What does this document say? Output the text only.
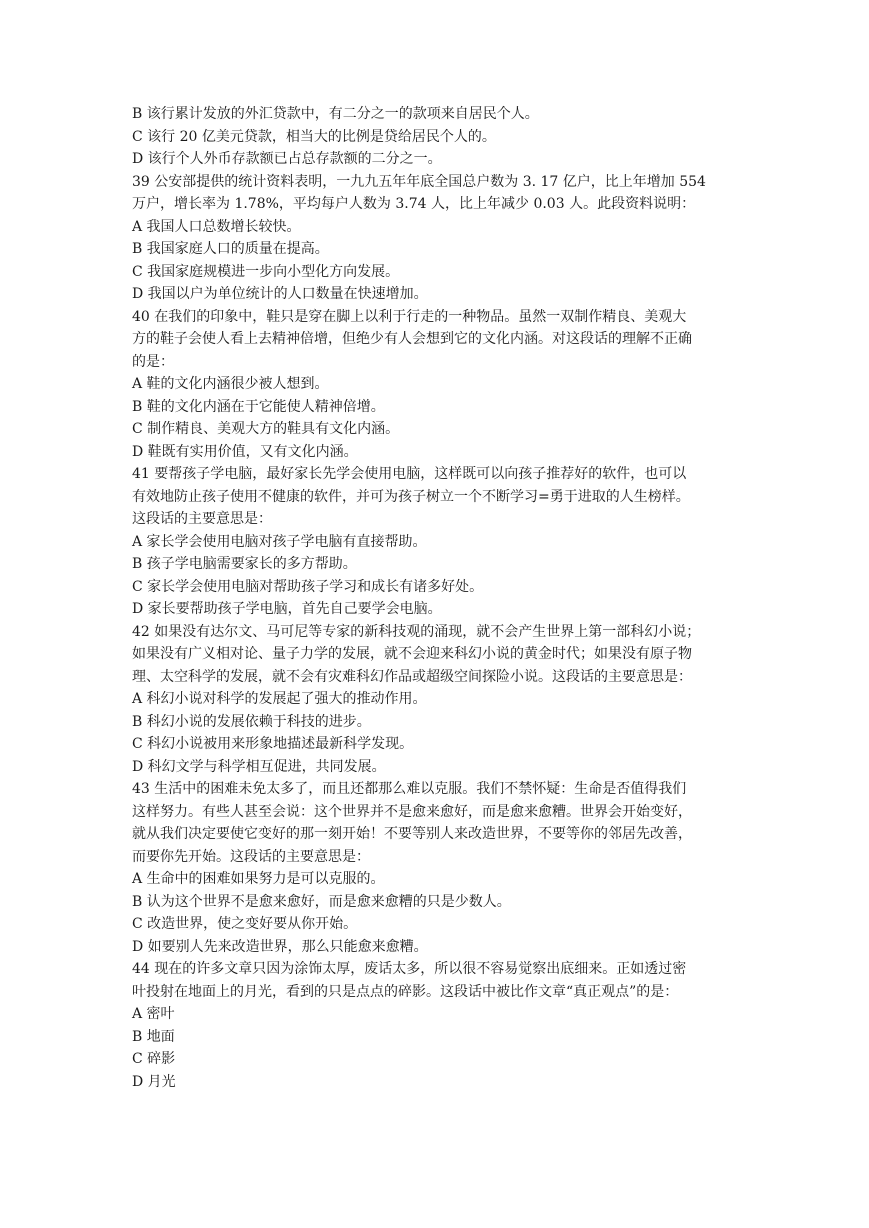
B 该行累计发放的外汇贷款中，有二分之一的款项来自居民个人。
C 该行 20 亿美元贷款，相当大的比例是贷给居民个人的。
D 该行个人外币存款额已占总存款额的二分之一。
39 公安部提供的统计资料表明，一九九五年年底全国总户数为 3. 17 亿户，比上年增加 554
万户，增长率为 1.78%，平均每户人数为 3.74 人，比上年减少 0.03 人。此段资料说明：
A 我国人口总数增长较快。
B 我国家庭人口的质量在提高。
C 我国家庭规模进一步向小型化方向发展。
D 我国以户为单位统计的人口数量在快速增加。
40 在我们的印象中，鞋只是穿在脚上以利于行走的一种物品。虽然一双制作精良、美观大
方的鞋子会使人看上去精神倍增，但绝少有人会想到它的文化内涵。对这段话的理解不正确
的是：
A 鞋的文化内涵很少被人想到。
B 鞋的文化内涵在于它能使人精神倍增。
C 制作精良、美观大方的鞋具有文化内涵。
D 鞋既有实用价值，又有文化内涵。
41 要帮孩子学电脑，最好家长先学会使用电脑，这样既可以向孩子推荐好的软件，也可以
有效地防止孩子使用不健康的软件，并可为孩子树立一个不断学习=勇于进取的人生榜样。
这段话的主要意思是：
A 家长学会使用电脑对孩子学电脑有直接帮助。
B 孩子学电脑需要家长的多方帮助。
C 家长学会使用电脑对帮助孩子学习和成长有诸多好处。
D 家长要帮助孩子学电脑，首先自己要学会电脑。
42 如果没有达尔文、马可尼等专家的新科技观的涌现，就不会产生世界上第一部科幻小说；
如果没有广义相对论、量子力学的发展，就不会迎来科幻小说的黄金时代；如果没有原子物
理、太空科学的发展，就不会有灾难科幻作品或超级空间探险小说。这段话的主要意思是：
A 科幻小说对科学的发展起了强大的推动作用。
B 科幻小说的发展依赖于科技的进步。
C 科幻小说被用来形象地描述最新科学发现。
D 科幻文学与科学相互促进，共同发展。
43 生活中的困难未免太多了，而且还都那么难以克服。我们不禁怀疑：生命是否值得我们
这样努力。有些人甚至会说：这个世界并不是愈来愈好，而是愈来愈糟。世界会开始变好，
就从我们决定要使它变好的那一刻开始！不要等别人来改造世界，不要等你的邻居先改善，
而要你先开始。这段话的主要意思是：
A 生命中的困难如果努力是可以克服的。
B 认为这个世界不是愈来愈好，而是愈来愈糟的只是少数人。
C 改造世界，使之变好要从你开始。
D 如要别人先来改造世界，那么只能愈来愈糟。
44 现在的许多文章只因为涂饰太厚，废话太多，所以很不容易觉察出底细来。正如透过密
叶投射在地面上的月光，看到的只是点点的碎影。这段话中被比作文章“真正观点”的是：
A 密叶
B 地面
C 碎影
D 月光
